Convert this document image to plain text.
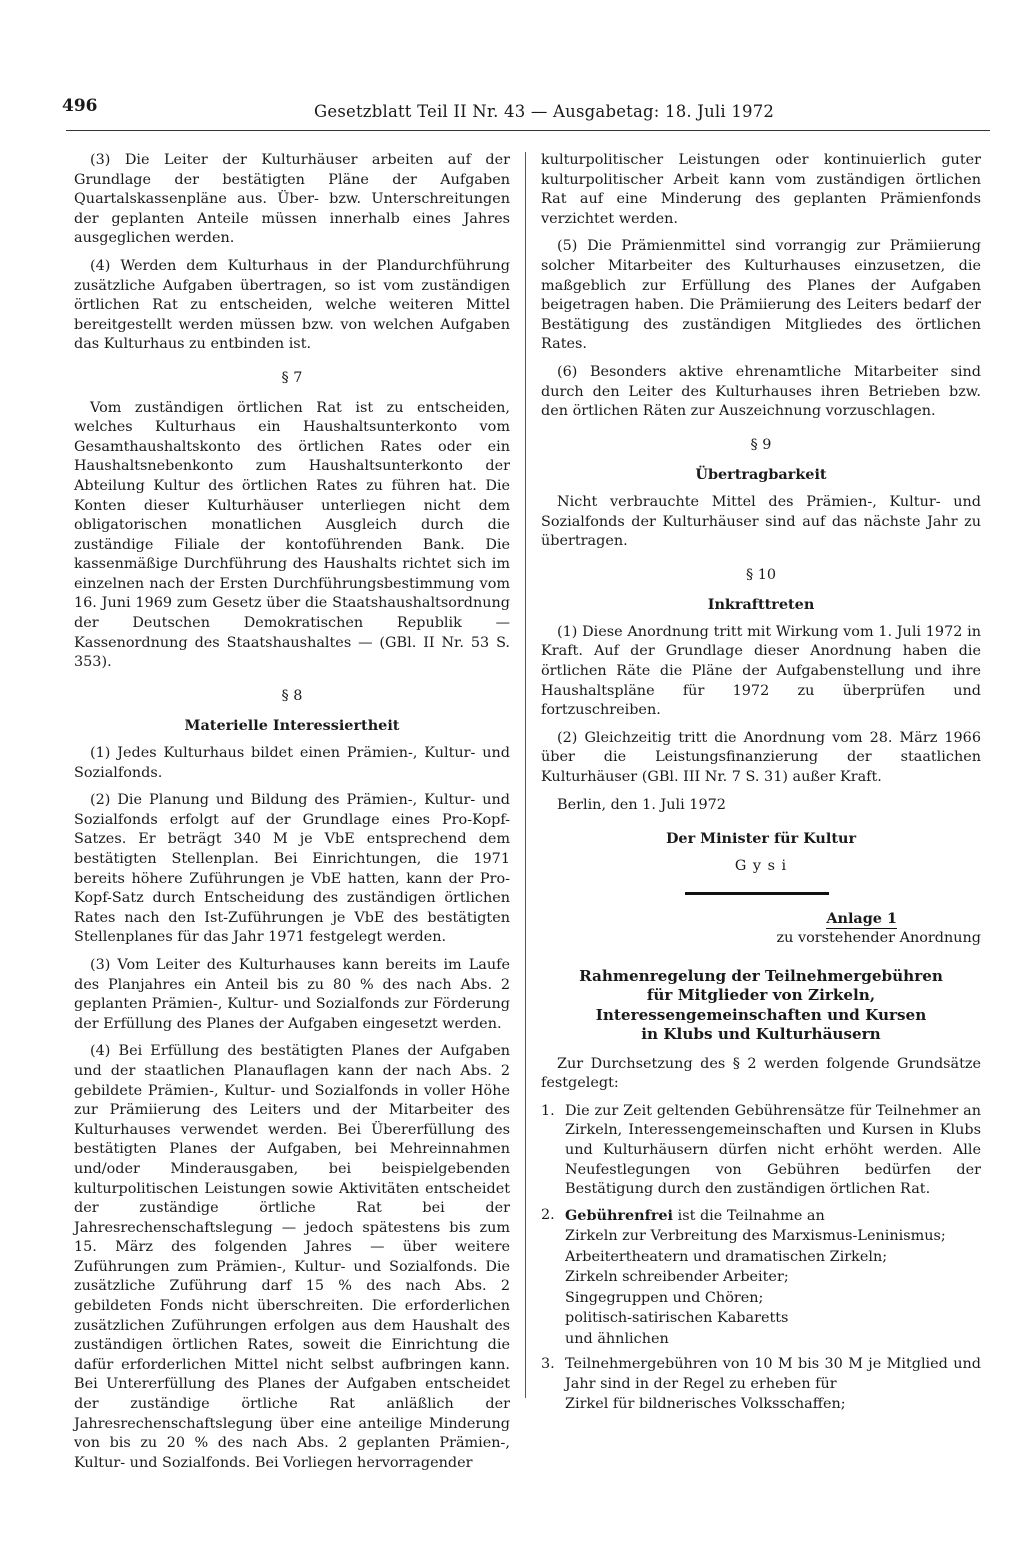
496	Gesetzblatt Teil II Nr. 43 — Ausgabetag: 18. Juli 1972

(3) Die Leiter der Kulturhäuser arbeiten auf der Grundlage der bestätigten Pläne der Aufgaben Quartalskassenpläne aus. Über- bzw. Unterschreitungen der geplanten Anteile müssen innerhalb eines Jahres ausgeglichen werden.

(4) Werden dem Kulturhaus in der Plandurchführung zusätzliche Aufgaben übertragen, so ist vom zuständigen örtlichen Rat zu entscheiden, welche weiteren Mittel bereitgestellt werden müssen bzw. von welchen Aufgaben das Kulturhaus zu entbinden ist.

§ 7

Vom zuständigen örtlichen Rat ist zu entscheiden, welches Kulturhaus ein Haushaltsunterkonto vom Gesamthaushaltskonto des örtlichen Rates oder ein Haushaltsnebenkonto zum Haushaltsunterkonto der Abteilung Kultur des örtlichen Rates zu führen hat. Die Konten dieser Kulturhäuser unterliegen nicht dem obligatorischen monatlichen Ausgleich durch die zuständige Filiale der kontoführenden Bank. Die kassenmäßige Durchführung des Haushalts richtet sich im einzelnen nach der Ersten Durchführungsbestimmung vom 16. Juni 1969 zum Gesetz über die Staatshaushaltsordnung der Deutschen Demokratischen Republik — Kassenordnung des Staatshaushaltes — (GBl. II Nr. 53 S. 353).

§ 8

Materielle Interessiertheit

(1) Jedes Kulturhaus bildet einen Prämien-, Kultur- und Sozialfonds.

(2) Die Planung und Bildung des Prämien-, Kultur- und Sozialfonds erfolgt auf der Grundlage eines Pro-Kopf-Satzes. Er beträgt 340 M je VbE entsprechend dem bestätigten Stellenplan. Bei Einrichtungen, die 1971 bereits höhere Zuführungen je VbE hatten, kann der Pro-Kopf-Satz durch Entscheidung des zuständigen örtlichen Rates nach den Ist-Zuführungen je VbE des bestätigten Stellenplanes für das Jahr 1971 festgelegt werden.

(3) Vom Leiter des Kulturhauses kann bereits im Laufe des Planjahres ein Anteil bis zu 80 % des nach Abs. 2 geplanten Prämien-, Kultur- und Sozialfonds zur Förderung der Erfüllung des Planes der Aufgaben eingesetzt werden.

(4) Bei Erfüllung des bestätigten Planes der Aufgaben und der staatlichen Planauflagen kann der nach Abs. 2 gebildete Prämien-, Kultur- und Sozialfonds in voller Höhe zur Prämiierung des Leiters und der Mitarbeiter des Kulturhauses verwendet werden. Bei Übererfüllung des bestätigten Planes der Aufgaben, bei Mehreinnahmen und/oder Minderausgaben, bei beispielgebenden kulturpolitischen Leistungen sowie Aktivitäten entscheidet der zuständige örtliche Rat bei der Jahresrechenschaftslegung — jedoch spätestens bis zum 15. März des folgenden Jahres — über weitere Zuführungen zum Prämien-, Kultur- und Sozialfonds. Die zusätzliche Zuführung darf 15 % des nach Abs. 2 gebildeten Fonds nicht überschreiten. Die erforderlichen zusätzlichen Zuführungen erfolgen aus dem Haushalt des zuständigen örtlichen Rates, soweit die Einrichtung die dafür erforderlichen Mittel nicht selbst aufbringen kann. Bei Untererfüllung des Planes der Aufgaben entscheidet der zuständige örtliche Rat anläßlich der Jahresrechenschaftslegung über eine anteilige Minderung von bis zu 20 % des nach Abs. 2 geplanten Prämien-, Kultur- und Sozialfonds. Bei Vorliegen hervorragender

kulturpolitischer Leistungen oder kontinuierlich guter kulturpolitischer Arbeit kann vom zuständigen örtlichen Rat auf eine Minderung des geplanten Prämienfonds verzichtet werden.

(5) Die Prämienmittel sind vorrangig zur Prämiierung solcher Mitarbeiter des Kulturhauses einzusetzen, die maßgeblich zur Erfüllung des Planes der Aufgaben beigetragen haben. Die Prämiierung des Leiters bedarf der Bestätigung des zuständigen Mitgliedes des örtlichen Rates.

(6) Besonders aktive ehrenamtliche Mitarbeiter sind durch den Leiter des Kulturhauses ihren Betrieben bzw. den örtlichen Räten zur Auszeichnung vorzuschlagen.

§ 9

Übertragbarkeit

Nicht verbrauchte Mittel des Prämien-, Kultur- und Sozialfonds der Kulturhäuser sind auf das nächste Jahr zu übertragen.

§ 10

Inkrafttreten

(1) Diese Anordnung tritt mit Wirkung vom 1. Juli 1972 in Kraft. Auf der Grundlage dieser Anordnung haben die örtlichen Räte die Pläne der Aufgabenstellung und ihre Haushaltspläne für 1972 zu überprüfen und fortzuschreiben.

(2) Gleichzeitig tritt die Anordnung vom 28. März 1966 über die Leistungsfinanzierung der staatlichen Kulturhäuser (GBl. III Nr. 7 S. 31) außer Kraft.

Berlin, den 1. Juli 1972

Der Minister für Kultur

G y s i

Anlage 1

zu vorstehender Anordnung

Rahmenregelung der Teilnehmergebühren
für Mitglieder von Zirkeln,
Interessengemeinschaften und Kursen
in Klubs und Kulturhäusern

Zur Durchsetzung des § 2 werden folgende Grundsätze festgelegt:

1. Die zur Zeit geltenden Gebührensätze für Teilnehmer an Zirkeln, Interessengemeinschaften und Kursen in Klubs und Kulturhäusern dürfen nicht erhöht werden. Alle Neufestlegungen von Gebühren bedürfen der Bestätigung durch den zuständigen örtlichen Rat.
2. Gebührenfrei ist die Teilnahme an
Zirkeln zur Verbreitung des Marxismus-Leninismus;
Arbeitertheatern und dramatischen Zirkeln;
Zirkeln schreibender Arbeiter;
Singegruppen und Chören;
politisch-satirischen Kabaretts
und ähnlichen
3. Teilnehmergebühren von 10 M bis 30 M je Mitglied und Jahr sind in der Regel zu erheben für
Zirkel für bildnerisches Volksschaffen;
